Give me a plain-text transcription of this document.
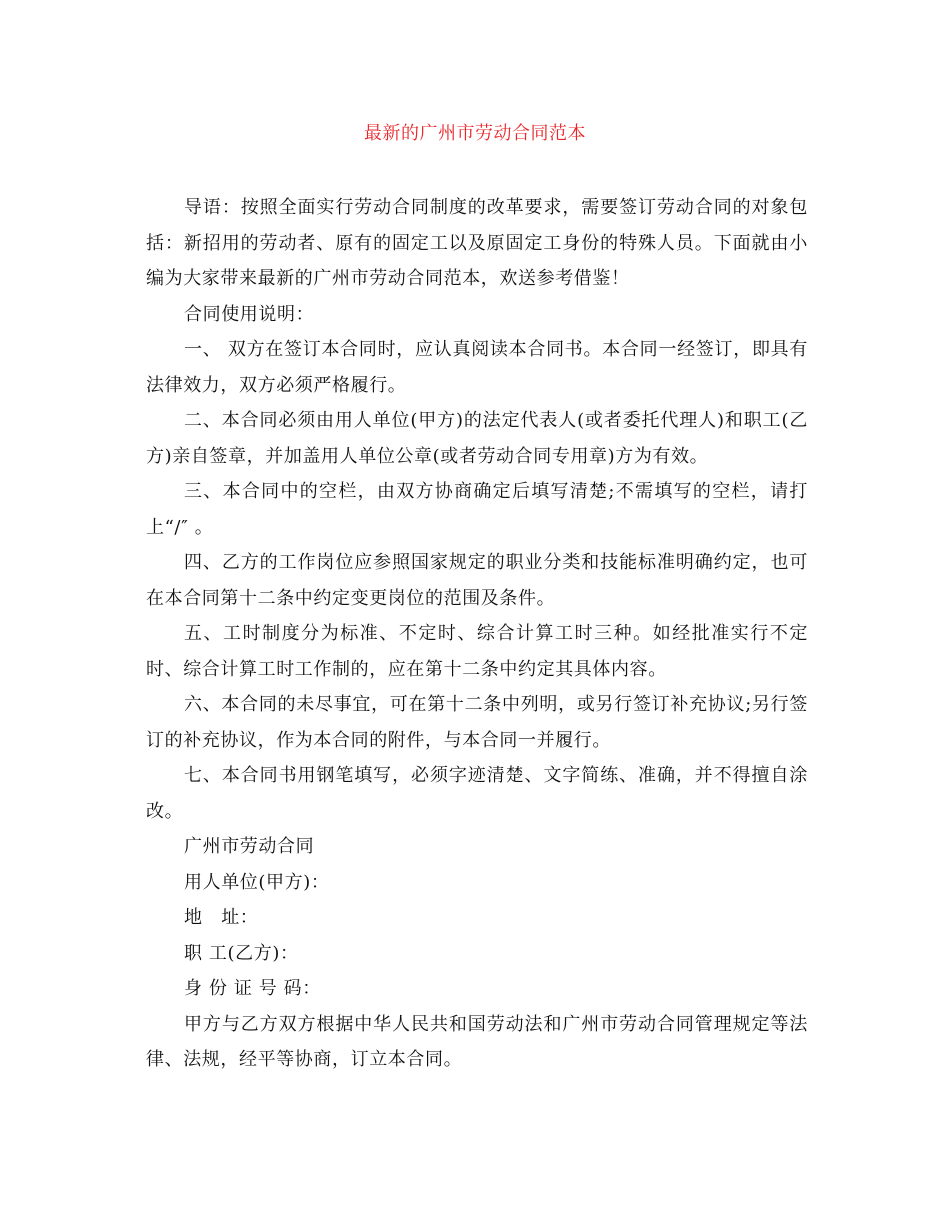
最新的广州市劳动合同范本

导语：按照全面实行劳动合同制度的改革要求，需要签订劳动合同的对象包括：新招用的劳动者、原有的固定工以及原固定工身份的特殊人员。下面就由小编为大家带来最新的广州市劳动合同范本，欢送参考借鉴！

合同使用说明：

一、 双方在签订本合同时，应认真阅读本合同书。本合同一经签订，即具有法律效力，双方必须严格履行。

二、本合同必须由用人单位(甲方)的法定代表人(或者委托代理人)和职工(乙方)亲自签章，并加盖用人单位公章(或者劳动合同专用章)方为有效。

三、本合同中的空栏，由双方协商确定后填写清楚;不需填写的空栏，请打上“/″ 。

四、乙方的工作岗位应参照国家规定的职业分类和技能标准明确约定，也可在本合同第十二条中约定变更岗位的范围及条件。

五、工时制度分为标准、不定时、综合计算工时三种。如经批准实行不定时、综合计算工时工作制的，应在第十二条中约定其具体内容。

六、本合同的未尽事宜，可在第十二条中列明，或另行签订补充协议;另行签订的补充协议，作为本合同的附件，与本合同一并履行。

七、本合同书用钢笔填写，必须字迹清楚、文字简练、准确，并不得擅自涂改。

广州市劳动合同

用人单位(甲方)：

地　址：

职 工(乙方)：

身 份 证 号 码：

甲方与乙方双方根据中华人民共和国劳动法和广州市劳动合同管理规定等法律、法规，经平等协商，订立本合同。
